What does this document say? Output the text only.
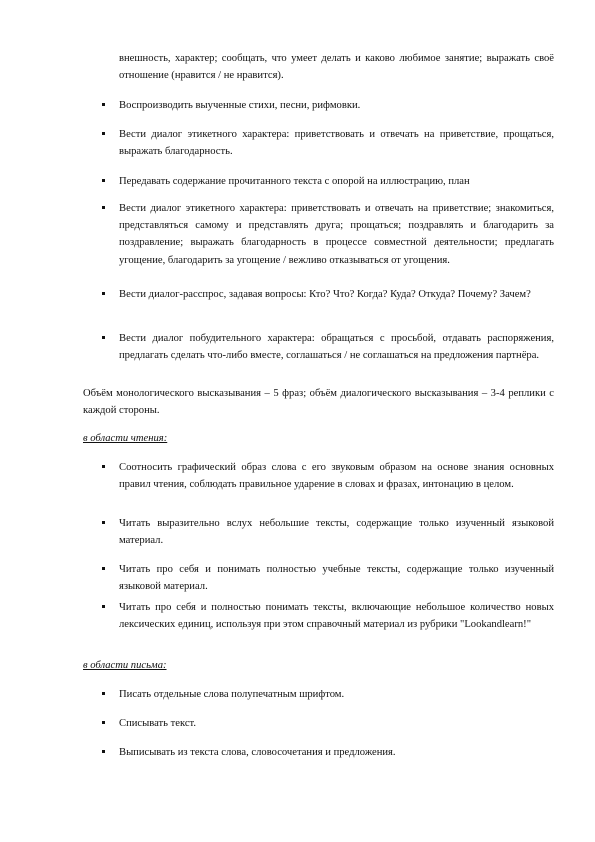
внешность, характер; сообщать, что умеет делать и каково любимое занятие; выражать своё отношение (нравится / не нравится).

Воспроизводить выученные стихи, песни, рифмовки.

Вести диалог этикетного характера: приветствовать и отвечать на приветствие, прощаться, выражать благодарность.

Передавать содержание прочитанного текста с опорой на иллюстрацию, план

Вести диалог этикетного характера: приветствовать и отвечать на приветствие; знакомиться, представляться самому и представлять друга; прощаться; поздравлять и благодарить за поздравление; выражать благодарность в процессе совместной деятельности; предлагать угощение, благодарить за угощение / вежливо отказываться от угощения.

Вести диалог-расспрос, задавая вопросы: Кто? Что? Когда? Куда? Откуда? Почему? Зачем?

Вести диалог побудительного характера: обращаться с просьбой, отдавать распоряжения, предлагать сделать что-либо вместе, соглашаться / не соглашаться на предложения партнёра.

Объём монологического высказывания – 5 фраз; объём диалогического высказывания – 3-4 реплики с каждой стороны.

в области чтения:

Соотносить графический образ слова с его звуковым образом на основе знания основных правил чтения, соблюдать правильное ударение в словах и фразах, интонацию в целом.

Читать выразительно вслух небольшие тексты, содержащие только изученный языковой материал.

Читать про себя и понимать полностью учебные тексты, содержащие только изученный языковой материал.

Читать про себя и полностью понимать тексты, включающие небольшое количество новых лексических единиц, используя при этом справочный материал из рубрики "Lookandlearn!"

в области письма:

Писать отдельные слова полупечатным шрифтом.

Списывать текст.

Выписывать из текста слова, словосочетания и предложения.
